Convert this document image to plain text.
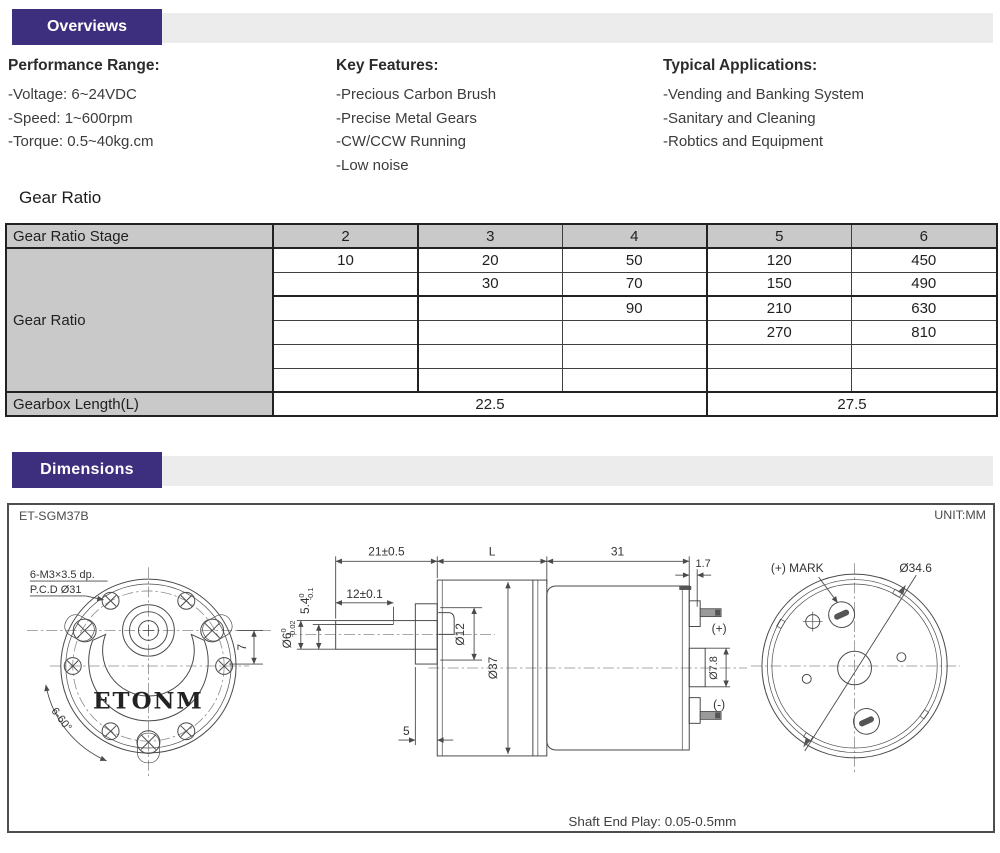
Overviews
Performance Range:
-Voltage: 6~24VDC
-Speed: 1~600rpm
-Torque: 0.5~40kg.cm
Key Features:
-Precious Carbon Brush
-Precise Metal Gears
-CW/CCW Running
-Low noise
Typical Applications:
-Vending and Banking System
-Sanitary and Cleaning
-Robtics and Equipment
Gear Ratio
Gear Ratio Stage	2	3	4	5	6
Gear Ratio	10	20	50	120	450
		30	70	150	490
			90	210	630
				270	810

Gearbox Length(L)	22.5			27.5	
Dimensions
ET-SGM37B	UNIT:MM
ETONM
6-M3×3.5 dp.
P.C.D Ø31
7
6-60°
21±0.5	L	31
1.7
12±0.1
$5.4^0-0.1$
$Ø6^0-0.02$	Ø12
Ø37	Ø7.8
(+)
(-)
5
(+) MARK	Ø34.6
Shaft End Play: 0.05-0.5mm
